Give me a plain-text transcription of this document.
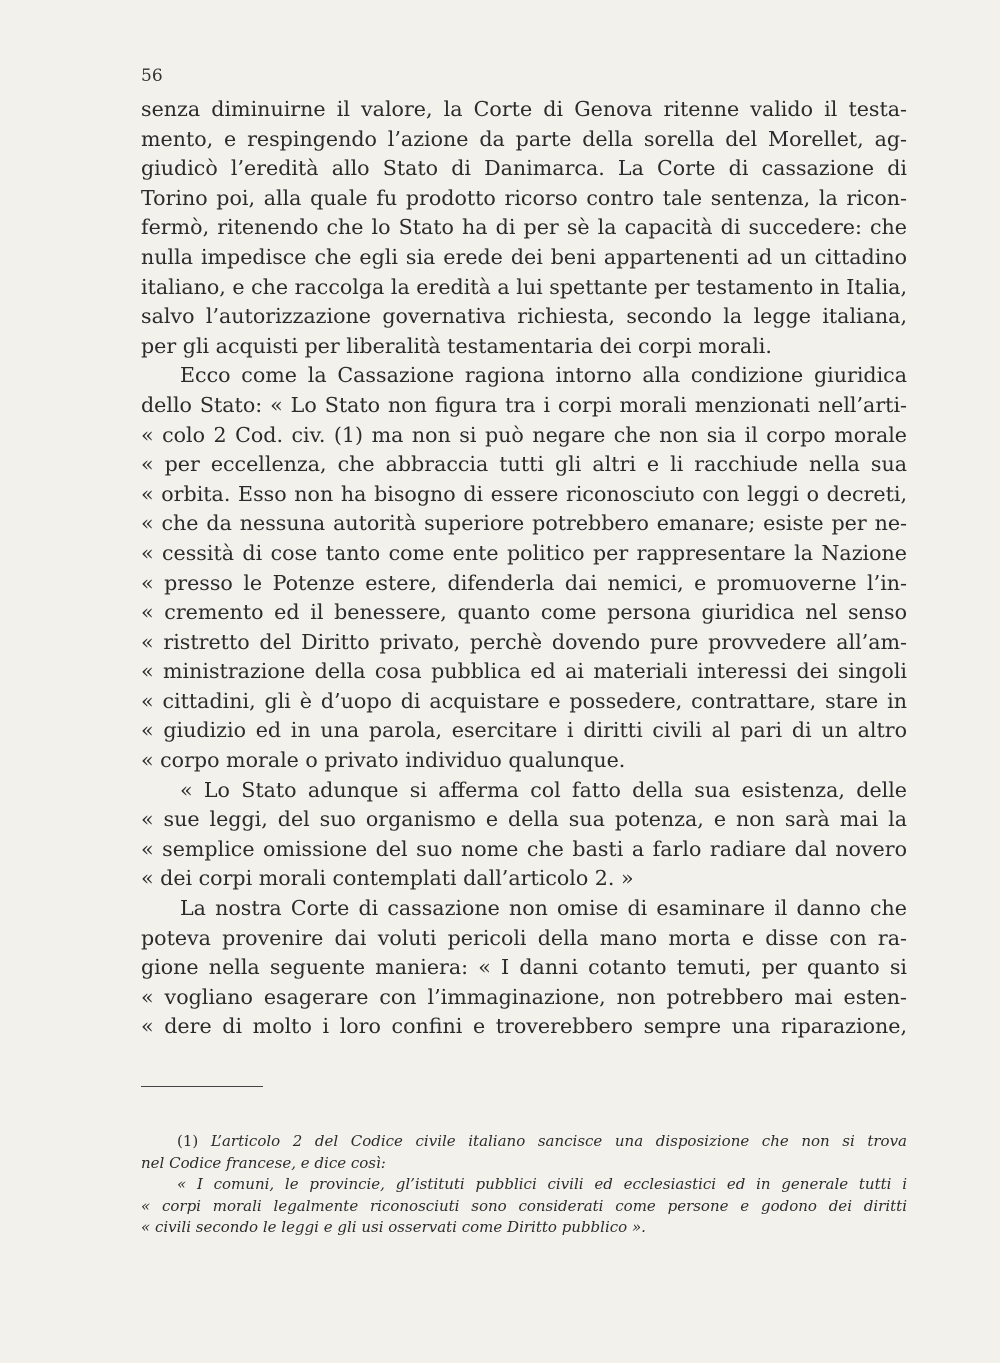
56
senza diminuirne il valore, la Corte di Genova ritenne valido il testa-
mento, e respingendo l’azione da parte della sorella del Morellet, ag-
giudicò l’eredità allo Stato di Danimarca. La Corte di cassazione di
Torino poi, alla quale fu prodotto ricorso contro tale sentenza, la ricon-
fermò, ritenendo che lo Stato ha di per sè la capacità di succedere: che
nulla impedisce che egli sia erede dei beni appartenenti ad un cittadino
italiano, e che raccolga la eredità a lui spettante per testamento in Italia,
salvo l’autorizzazione governativa richiesta, secondo la legge italiana,
per gli acquisti per liberalità testamentaria dei corpi morali.
Ecco come la Cassazione ragiona intorno alla condizione giuridica
dello Stato: « Lo Stato non figura tra i corpi morali menzionati nell’arti-
« colo 2 Cod. civ. (1) ma non si può negare che non sia il corpo morale
« per eccellenza, che abbraccia tutti gli altri e li racchiude nella sua
« orbita. Esso non ha bisogno di essere riconosciuto con leggi o decreti,
« che da nessuna autorità superiore potrebbero emanare; esiste per ne-
« cessità di cose tanto come ente politico per rappresentare la Nazione
« presso le Potenze estere, difenderla dai nemici, e promuoverne l’in-
« cremento ed il benessere, quanto come persona giuridica nel senso
« ristretto del Diritto privato, perchè dovendo pure provvedere all’am-
« ministrazione della cosa pubblica ed ai materiali interessi dei singoli
« cittadini, gli è d’uopo di acquistare e possedere, contrattare, stare in
« giudizio ed in una parola, esercitare i diritti civili al pari di un altro
« corpo morale o privato individuo qualunque.
« Lo Stato adunque si afferma col fatto della sua esistenza, delle
« sue leggi, del suo organismo e della sua potenza, e non sarà mai la
« semplice omissione del suo nome che basti a farlo radiare dal novero
« dei corpi morali contemplati dall’articolo 2. »
La nostra Corte di cassazione non omise di esaminare il danno che
poteva provenire dai voluti pericoli della mano morta e disse con ra-
gione nella seguente maniera: « I danni cotanto temuti, per quanto si
« vogliano esagerare con l’immaginazione, non potrebbero mai esten-
« dere di molto i loro confini e troverebbero sempre una riparazione,
(1) L’articolo 2 del Codice civile italiano sancisce una disposizione che non si trova
nel Codice francese, e dice così:
« I comuni, le provincie, gl’istituti pubblici civili ed ecclesiastici ed in generale tutti i
« corpi morali legalmente riconosciuti sono considerati come persone e godono dei diritti
« civili secondo le leggi e gli usi osservati come Diritto pubblico ».
